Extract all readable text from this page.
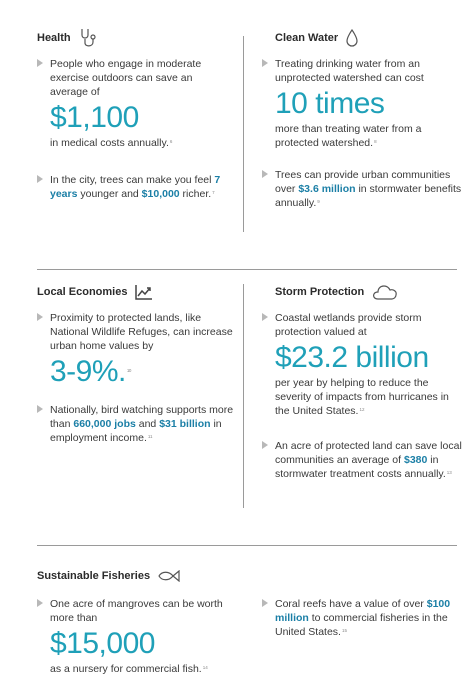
Health
People who engage in moderate exercise outdoors can save an average of
$1,100
in medical costs annually.$^6$
In the city, trees can make you feel 7 years younger and $10,000 richer.$^7$
Clean Water
Treating drinking water from an unprotected watershed can cost
10 times
more than treating water from a protected watershed.$^8$
Trees can provide urban communities over $3.6 million in stormwater benefits annually.$^9$
Local Economies
Proximity to protected lands, like National Wildlife Refuges, can increase urban home values by
3-9%.$^{10}$
Nationally, bird watching supports more than 660,000 jobs and $31 billion in employment income.$^{11}$
Storm Protection
Coastal wetlands provide storm protection valued at
$23.2 billion
per year by helping to reduce the severity of impacts from hurricanes in the United States.$^{12}$
An acre of protected land can save local communities an average of $380 in stormwater treatment costs annually.$^{13}$
Sustainable Fisheries
One acre of mangroves can be worth more than
$15,000
as a nursery for commercial fish.$^{14}$
Coral reefs have a value of over $100 million to commercial fisheries in the United States.$^{15}$
